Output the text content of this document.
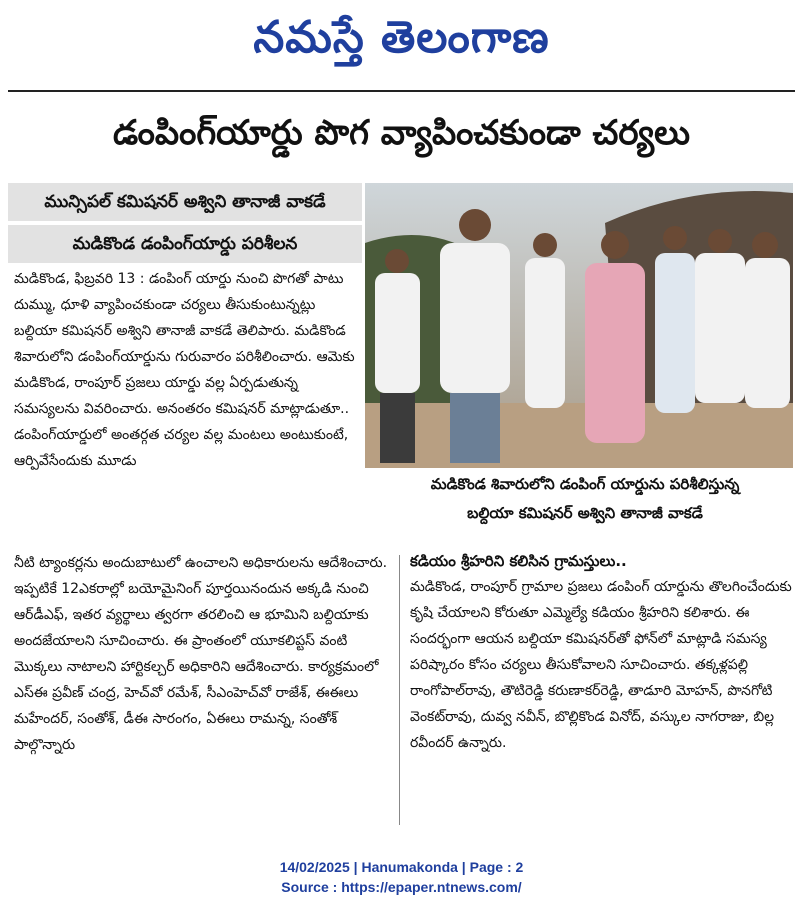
నమస్తే తెలంగాణ
డంపింగ్‌యార్డు పొగ వ్యాపించకుండా చర్యలు
మున్సిపల్ కమిషనర్ అశ్విని తానాజీ వాకడే
మడికొండ డంపింగ్‌యార్డు పరిశీలన

మడికొండ, ఫిబ్రవరి 13 : డంపింగ్ యార్డు నుంచి పొగతో పాటు దుమ్ము, ధూళి వ్యాపించకుండా చర్యలు తీసుకుంటున్నట్లు బల్దియా కమిషనర్ అశ్విని తానాజీ వాకడే తెలిపారు. మడికొండ శివారులోని డంపింగ్‌యార్డును గురువారం పరిశీలించారు. ఆమెకు మడికొండ, రాంపూర్ ప్రజలు యార్డు వల్ల ఏర్పడుతున్న సమస్యలను వివరించారు. అనంతరం కమిషనర్ మాట్లాడుతూ.. డంపింగ్‌యార్డులో అంతర్గత చర్యల వల్ల మంటలు అంటుకుంటే, ఆర్పివేసేందుకు మూడు

మడికొండ శివారులోని డంపింగ్ యార్డును పరిశీలిస్తున్న
బల్దియా కమిషనర్ అశ్విని తానాజీ వాకడే
నీటి ట్యాంకర్లను అందుబాటులో ఉంచాలని అధికారులను ఆదేశించారు. ఇప్పటికే 12ఎకరాల్లో బయోమైనింగ్ పూర్తయినందున అక్కడి నుంచి ఆర్‌డీఎఫ్, ఇతర వ్యర్థాలు త్వరగా తరలించి ఆ భూమిని బల్దియాకు అందజేయాలని సూచించారు. ఈ ప్రాంతంలో యూకలిప్టస్ వంటి మొక్కలు నాటాలని హార్టికల్చర్ అధికారిని ఆదేశించారు. కార్యక్రమంలో ఎస్ఈ ప్రవీణ్ చంద్ర, హెచ్‌వో రమేశ్, సీఎంహెచ్‌వో రాజేశ్, ఈఈలు మహేందర్, సంతోశ్, డీఈ సారంగం, ఏఈలు రామన్న, సంతోశ్ పాల్గొన్నారు
కడియం శ్రీహరిని కలిసిన గ్రామస్తులు..
మడికొండ, రాంపూర్ గ్రామాల ప్రజలు డంపింగ్ యార్డును తొలగించేందుకు కృషి చేయాలని కోరుతూ ఎమ్మెల్యే కడియం శ్రీహరిని కలిశారు. ఈ సందర్భంగా ఆయన బల్దియా కమిషనర్‌తో ఫోన్‌లో మాట్లాడి సమస్య పరిష్కారం కోసం చర్యలు తీసుకోవాలని సూచించారు. తక్కళ్లపల్లి రాంగోపాల్‌రావు, తౌటిరెడ్డి కరుణాకర్‌రెడ్డి, తాడూరి మోహన్, పొనగోటి వెంకట్‌రావు, దువ్వ నవీన్, బొల్లికొండ వినోద్, వస్కుల నాగరాజు, బిల్ల రవీందర్ ఉన్నారు.
14/02/2025 | Hanumakonda | Page : 2
Source : https://epaper.ntnews.com/
